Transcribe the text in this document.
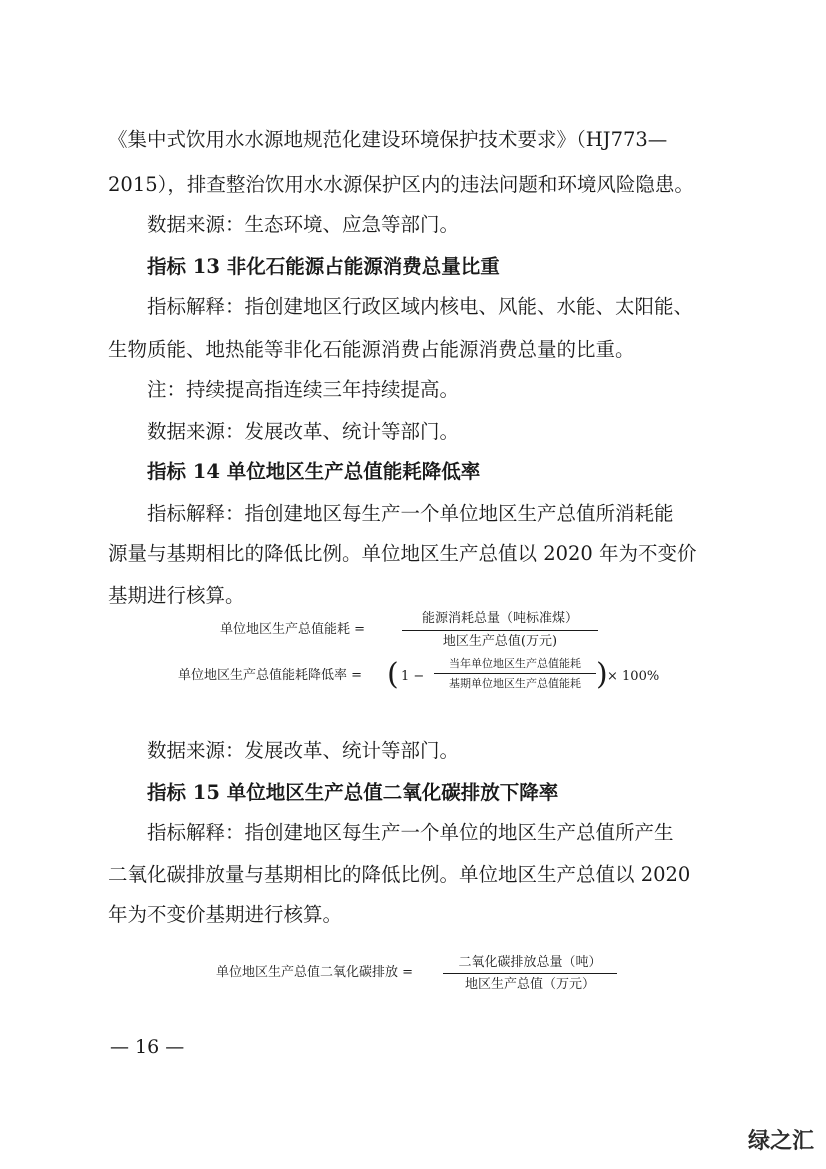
《集中式饮用水水源地规范化建设环境保护技术要求》（HJ773—
2015），排查整治饮用水水源保护区内的违法问题和环境风险隐患。
数据来源：生态环境、应急等部门。
指标 13 非化石能源占能源消费总量比重
指标解释：指创建地区行政区域内核电、风能、水能、太阳能、
生物质能、地热能等非化石能源消费占能源消费总量的比重。
注：持续提高指连续三年持续提高。
数据来源：发展改革、统计等部门。
指标 14 单位地区生产总值能耗降低率
指标解释：指创建地区每生产一个单位地区生产总值所消耗能
源量与基期相比的降低比例。单位地区生产总值以 2020 年为不变价
基期进行核算。
单位地区生产总值能耗 =
能源消耗总量（吨标准煤）
地区生产总值(万元)
单位地区生产总值能耗降低率 = ( 1 −
当年单位地区生产总值能耗
基期单位地区生产总值能耗 ) × 100%
数据来源：发展改革、统计等部门。
指标 15 单位地区生产总值二氧化碳排放下降率
指标解释：指创建地区每生产一个单位的地区生产总值所产生
二氧化碳排放量与基期相比的降低比例。单位地区生产总值以 2020
年为不变价基期进行核算。
单位地区生产总值二氧化碳排放 =
二氧化碳排放总量（吨）
地区生产总值（万元）
— 16 —
绿之汇
